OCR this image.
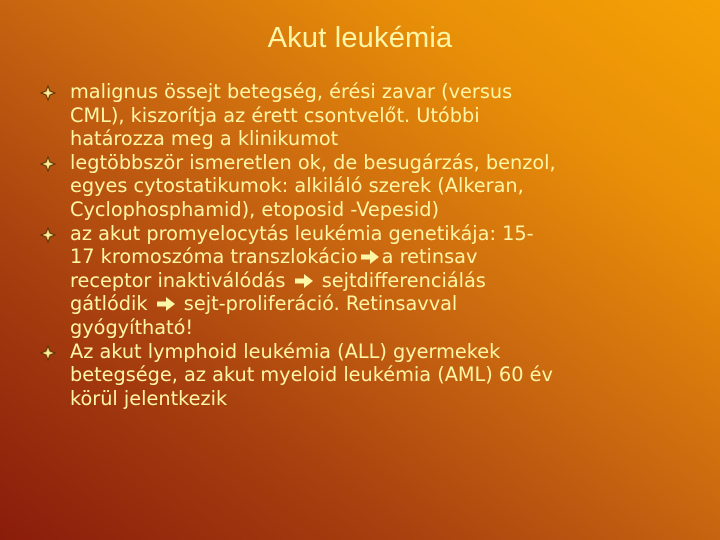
Akut leukémia
malignus össejt betegség, érési zavar (versus
CML), kiszorítja az érett csontvelőt. Utóbbi
határozza meg a klinikumot
legtöbbször ismeretlen ok, de besugárzás, benzol,
egyes cytostatikumok: alkiláló szerek (Alkeran,
Cyclophosphamid), etoposid -Vepesid)
az akut promyelocytás leukémia genetikája: 15-
17 kromoszóma transzlokácio a retinsav
receptor inaktiválódás  sejtdifferenciálás
gátlódik  sejt-proliferáció. Retinsavval
gyógyítható!
Az akut lymphoid leukémia (ALL) gyermekek
betegsége, az akut myeloid leukémia (AML) 60 év
körül jelentkezik
